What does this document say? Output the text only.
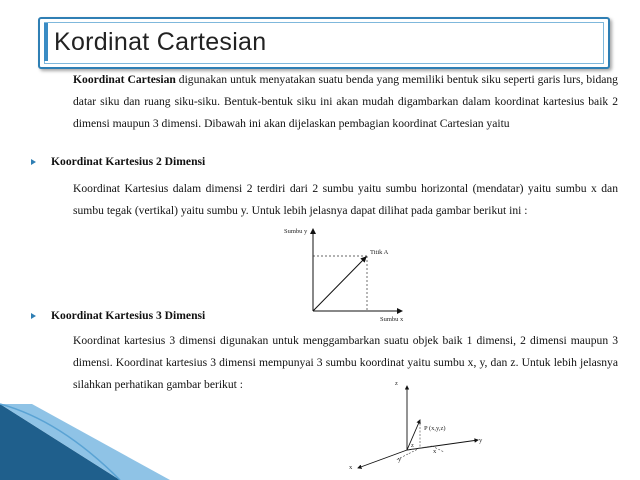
Kordinat Cartesian

Koordinat Cartesian digunakan untuk menyatakan suatu benda yang memiliki bentuk siku seperti garis lurs, bidang datar siku dan ruang siku-siku. Bentuk-bentuk siku ini akan mudah digambarkan dalam koordinat kartesius baik 2 dimensi maupun 3 dimensi. Dibawah ini akan dijelaskan pembagian koordinat Cartesian yaitu

Koordinat Kartesius 2 Dimensi

Koordinat Kartesius dalam dimensi 2 terdiri dari 2 sumbu yaitu sumbu horizontal (mendatar) yaitu sumbu x dan sumbu tegak (vertikal) yaitu sumbu y. Untuk lebih jelasnya dapat dilihat pada gambar berikut ini :

Sumbu y
Titik A
Sumbu x
Koordinat Kartesius 3 Dimensi

Koordinat kartesius 3 dimensi digunakan untuk menggambarkan suatu objek baik 1 dimensi, 2 dimensi maupun 3 dimensi. Koordinat kartesius 3 dimensi mempunyai 3 sumbu koordinat yaitu sumbu x, y, dan z. Untuk lebih jelasnya silahkan perhatikan gambar berikut :	z
y
x
P (x,y,z)
z
y
x
